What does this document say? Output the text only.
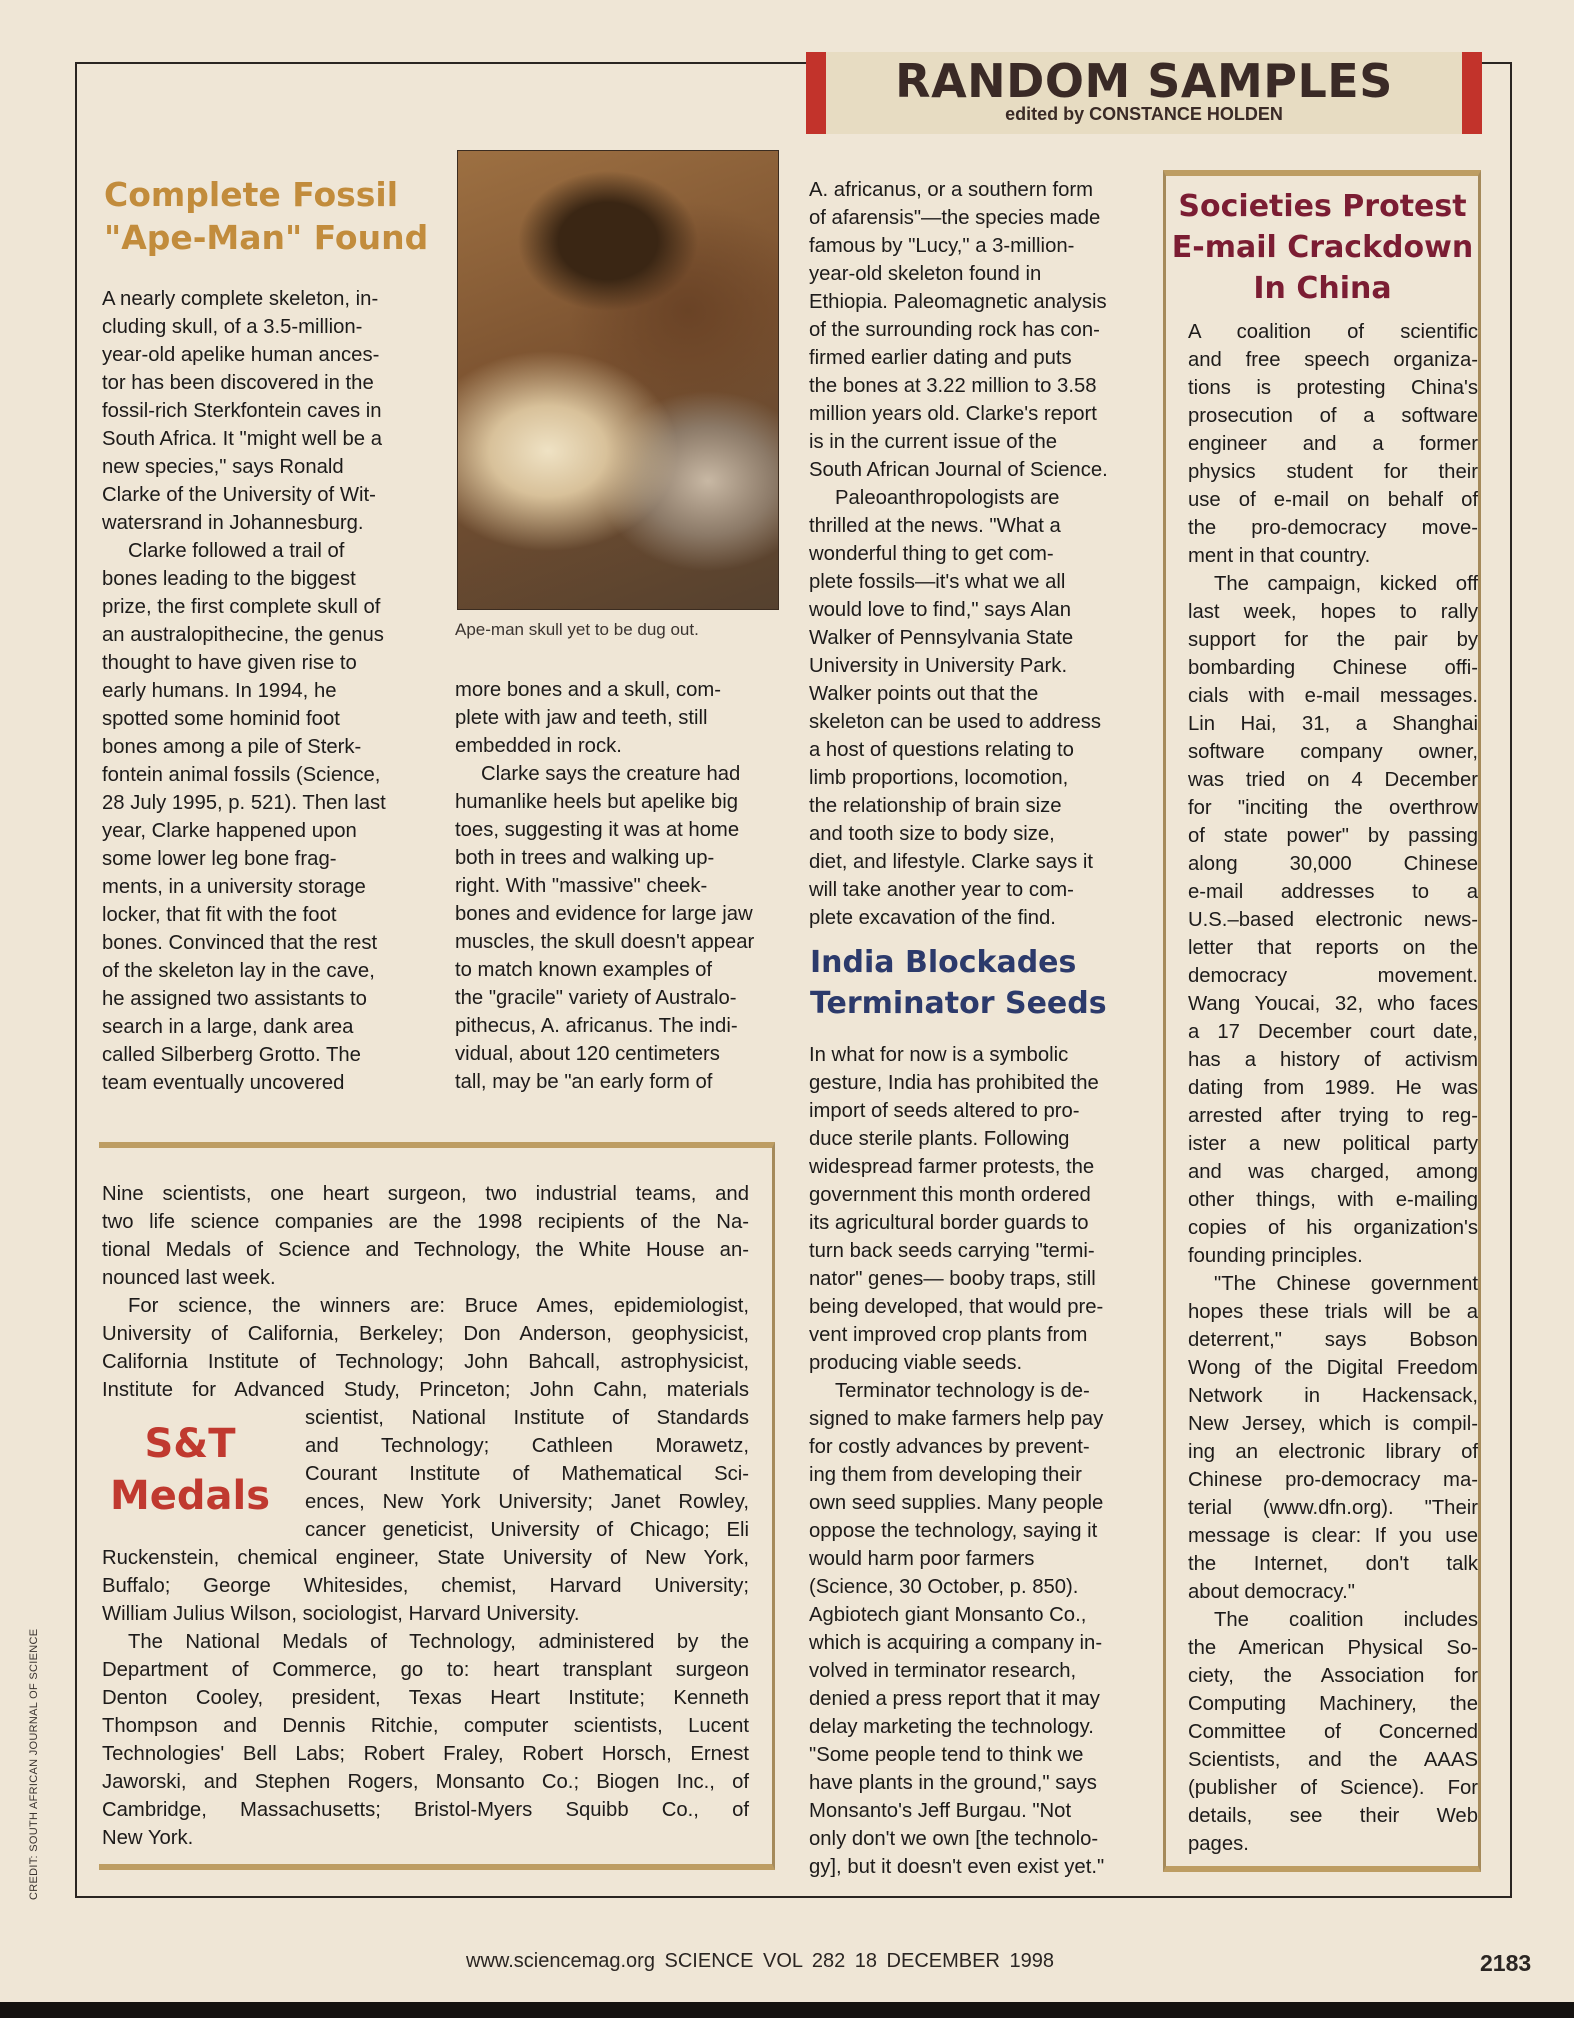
RANDOM SAMPLES
edited by CONSTANCE HOLDEN
Complete Fossil
"Ape-Man" Found
A nearly complete skeleton, in-
cluding skull, of a 3.5-million-
year-old apelike human ances-
tor has been discovered in the
fossil-rich Sterkfontein caves in
South Africa. It "might well be a
new species," says Ronald
Clarke of the University of Wit-
watersrand in Johannesburg.
Clarke followed a trail of
bones leading to the biggest
prize, the first complete skull of
an australopithecine, the genus
thought to have given rise to
early humans. In 1994, he
spotted some hominid foot
bones among a pile of Sterk-
fontein animal fossils (Science,
28 July 1995, p. 521). Then last
year, Clarke happened upon
some lower leg bone frag-
ments, in a university storage
locker, that fit with the foot
bones. Convinced that the rest
of the skeleton lay in the cave,
he assigned two assistants to
search in a large, dank area
called Silberberg Grotto. The
team eventually uncovered
Ape-man skull yet to be dug out.
more bones and a skull, com-
plete with jaw and teeth, still
embedded in rock.
Clarke says the creature had
humanlike heels but apelike big
toes, suggesting it was at home
both in trees and walking up-
right. With "massive" cheek-
bones and evidence for large jaw
muscles, the skull doesn't appear
to match known examples of
the "gracile" variety of Australo-
pithecus, A. africanus. The indi-
vidual, about 120 centimeters
tall, may be "an early form of
A. africanus, or a southern form
of afarensis"—the species made
famous by "Lucy," a 3-million-
year-old skeleton found in
Ethiopia. Paleomagnetic analysis
of the surrounding rock has con-
firmed earlier dating and puts
the bones at 3.22 million to 3.58
million years old. Clarke's report
is in the current issue of the
South African Journal of Science.
Paleoanthropologists are
thrilled at the news. "What a
wonderful thing to get com-
plete fossils—it's what we all
would love to find," says Alan
Walker of Pennsylvania State
University in University Park.
Walker points out that the
skeleton can be used to address
a host of questions relating to
limb proportions, locomotion,
the relationship of brain size
and tooth size to body size,
diet, and lifestyle. Clarke says it
will take another year to com-
plete excavation of the find.
India Blockades
Terminator Seeds
In what for now is a symbolic
gesture, India has prohibited the
import of seeds altered to pro-
duce sterile plants. Following
widespread farmer protests, the
government this month ordered
its agricultural border guards to
turn back seeds carrying "termi-
nator" genes— booby traps, still
being developed, that would pre-
vent improved crop plants from
producing viable seeds.
Terminator technology is de-
signed to make farmers help pay
for costly advances by prevent-
ing them from developing their
own seed supplies. Many people
oppose the technology, saying it
would harm poor farmers
(Science, 30 October, p. 850).
Agbiotech giant Monsanto Co.,
which is acquiring a company in-
volved in terminator research,
denied a press report that it may
delay marketing the technology.
"Some people tend to think we
have plants in the ground," says
Monsanto's Jeff Burgau. "Not
only don't we own [the technolo-
gy], but it doesn't even exist yet."
Societies Protest
E-mail Crackdown
In China
A coalition of scientific
and free speech organiza-
tions is protesting China's
prosecution of a software
engineer and a former
physics student for their
use of e-mail on behalf of
the pro-democracy move-
ment in that country.
The campaign, kicked off
last week, hopes to rally
support for the pair by
bombarding Chinese offi-
cials with e-mail messages.
Lin Hai, 31, a Shanghai
software company owner,
was tried on 4 December
for "inciting the overthrow
of state power" by passing
along 30,000 Chinese
e-mail addresses to a
U.S.–based electronic news-
letter that reports on the
democracy movement.
Wang Youcai, 32, who faces
a 17 December court date,
has a history of activism
dating from 1989. He was
arrested after trying to reg-
ister a new political party
and was charged, among
other things, with e-mailing
copies of his organization's
founding principles.
"The Chinese government
hopes these trials will be a
deterrent," says Bobson
Wong of the Digital Freedom
Network in Hackensack,
New Jersey, which is compil-
ing an electronic library of
Chinese pro-democracy ma-
terial (www.dfn.org). "Their
message is clear: If you use
the Internet, don't talk
about democracy."
The coalition includes
the American Physical So-
ciety, the Association for
Computing Machinery, the
Committee of Concerned
Scientists, and the AAAS
(publisher of Science). For
details, see their Web
pages.
Nine scientists, one heart surgeon, two industrial teams, and
two life science companies are the 1998 recipients of the Na-
tional Medals of Science and Technology, the White House an-
nounced last week.
For science, the winners are: Bruce Ames, epidemiologist,
University of California, Berkeley; Don Anderson, geophysicist,
California Institute of Technology; John Bahcall, astrophysicist,
Institute for Advanced Study, Princeton; John Cahn, materials
S&T
Medals
scientist, National Institute of Standards
and Technology; Cathleen Morawetz,
Courant Institute of Mathematical Sci-
ences, New York University; Janet Rowley,
cancer geneticist, University of Chicago; Eli
Ruckenstein, chemical engineer, State University of New York,
Buffalo; George Whitesides, chemist, Harvard University;
William Julius Wilson, sociologist, Harvard University.
The National Medals of Technology, administered by the
Department of Commerce, go to: heart transplant surgeon
Denton Cooley, president, Texas Heart Institute; Kenneth
Thompson and Dennis Ritchie, computer scientists, Lucent
Technologies' Bell Labs; Robert Fraley, Robert Horsch, Ernest
Jaworski, and Stephen Rogers, Monsanto Co.; Biogen Inc., of
Cambridge, Massachusetts; Bristol-Myers Squibb Co., of
New York.
CREDIT: SOUTH AFRICAN JOURNAL OF SCIENCE
www.sciencemag.org SCIENCE VOL 282 18 DECEMBER 1998	2183
